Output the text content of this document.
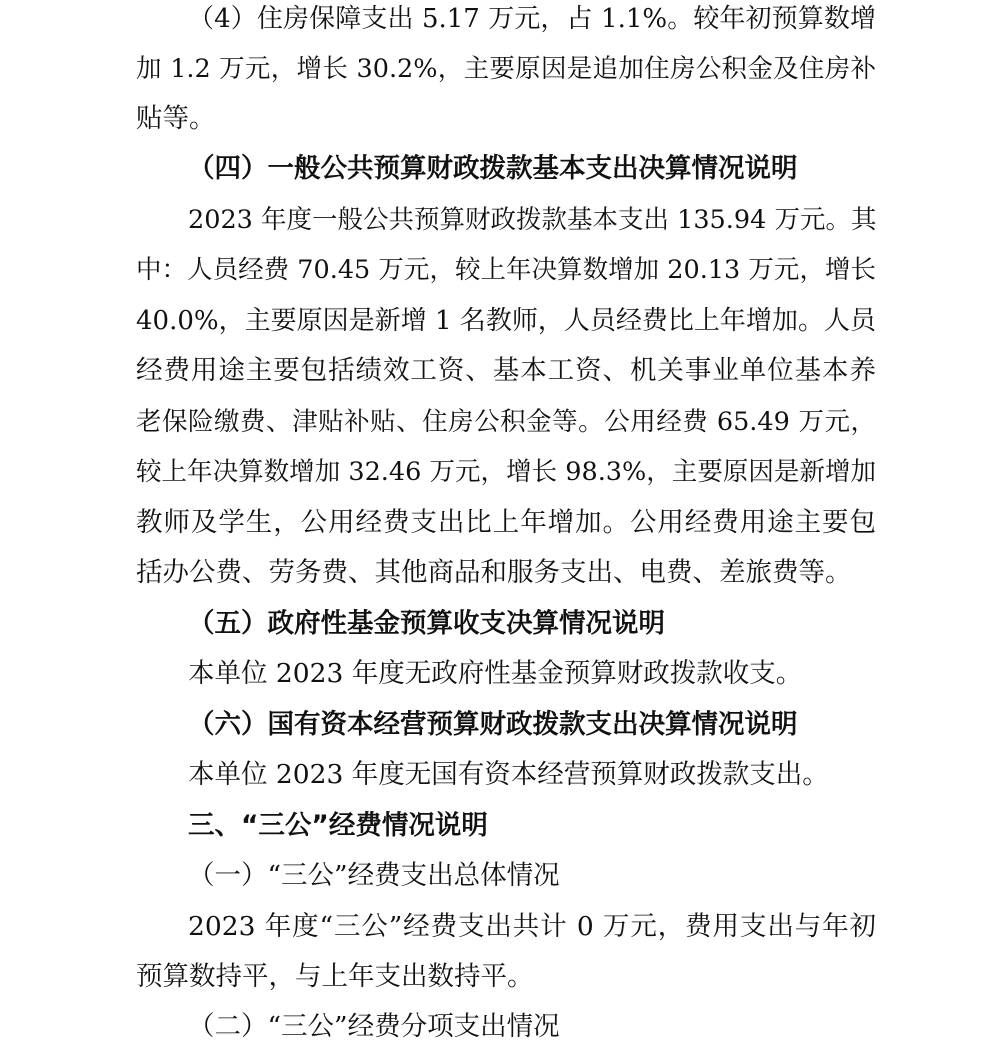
（4）住房保障支出 5.17 万元，占 1.1%。较年初预算数增
加 1.2 万元，增长 30.2%，主要原因是追加住房公积金及住房补
贴等。
（四）一般公共预算财政拨款基本支出决算情况说明
2023 年度一般公共预算财政拨款基本支出 135.94 万元。其
中：人员经费 70.45 万元，较上年决算数增加 20.13 万元，增长
40.0%，主要原因是新增 1 名教师，人员经费比上年增加。人员
经费用途主要包括绩效工资、基本工资、机关事业单位基本养
老保险缴费、津贴补贴、住房公积金等。公用经费 65.49 万元，
较上年决算数增加 32.46 万元，增长 98.3%，主要原因是新增加
教师及学生，公用经费支出比上年增加。公用经费用途主要包
括办公费、劳务费、其他商品和服务支出、电费、差旅费等。
（五）政府性基金预算收支决算情况说明
本单位 2023 年度无政府性基金预算财政拨款收支。
（六）国有资本经营预算财政拨款支出决算情况说明
本单位 2023 年度无国有资本经营预算财政拨款支出。
三、“三公”经费情况说明
（一）“三公”经费支出总体情况
2023 年度“三公”经费支出共计 0 万元，费用支出与年初
预算数持平，与上年支出数持平。
（二）“三公”经费分项支出情况
